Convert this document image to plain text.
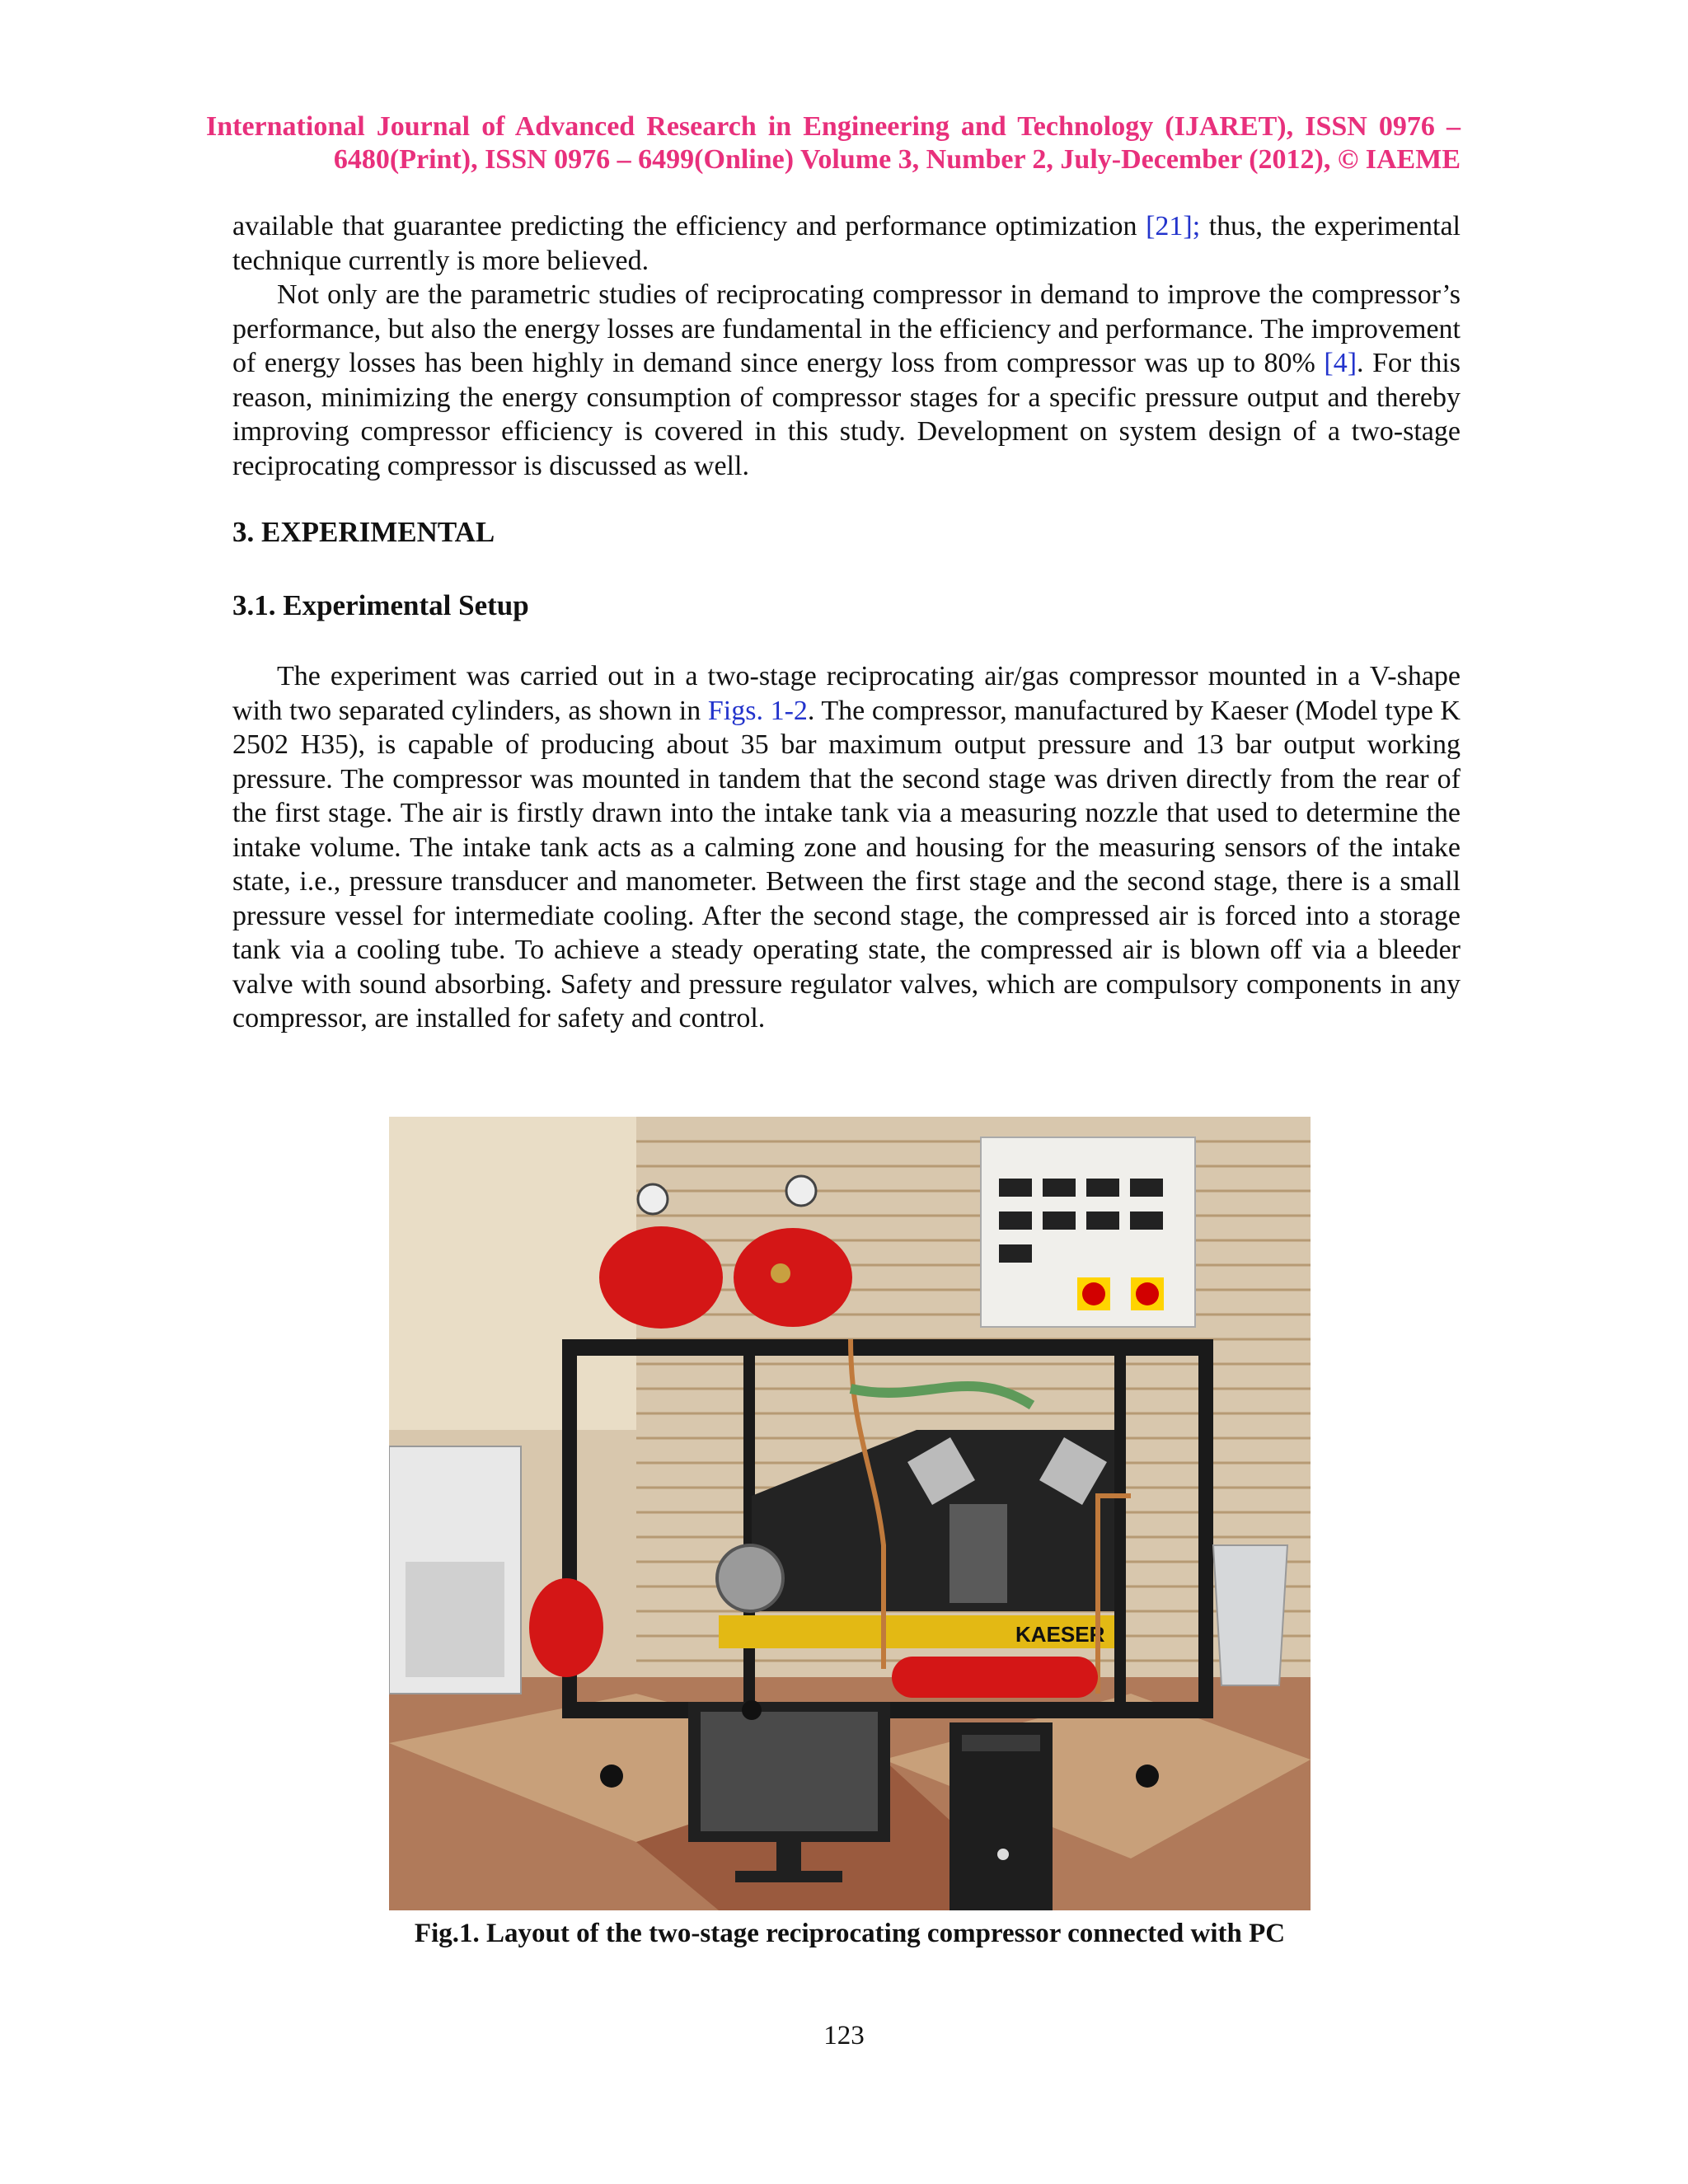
International Journal of Advanced Research in Engineering and Technology (IJARET), ISSN 0976 –
6480(Print), ISSN 0976 – 6499(Online) Volume 3, Number 2, July-December (2012), © IAEME

available that guarantee predicting the efficiency and performance optimization [21]; thus, the experimental technique currently is more believed.

Not only are the parametric studies of reciprocating compressor in demand to improve the compressor’s performance, but also the energy losses are fundamental in the efficiency and performance. The improvement of energy losses has been highly in demand since energy loss from compressor was up to 80% [4]. For this reason, minimizing the energy consumption of compressor stages for a specific pressure output and thereby improving compressor efficiency is covered in this study. Development on system design of a two-stage reciprocating compressor is discussed as well.

3. EXPERIMENTAL
3.1. Experimental Setup

The experiment was carried out in a two-stage reciprocating air/gas compressor mounted in a V-shape with two separated cylinders, as shown in Figs. 1-2. The compressor, manufactured by Kaeser (Model type K 2502 H35), is capable of producing about 35 bar maximum output pressure and 13 bar output working pressure. The compressor was mounted in tandem that the second stage was driven directly from the rear of the first stage. The air is firstly drawn into the intake tank via a measuring nozzle that used to determine the intake volume. The intake tank acts as a calming zone and housing for the measuring sensors of the intake state, i.e., pressure transducer and manometer. Between the first stage and the second stage, there is a small pressure vessel for intermediate cooling. After the second stage, the compressed air is forced into a storage tank via a cooling tube. To achieve a steady operating state, the compressed air is blown off via a bleeder valve with sound absorbing. Safety and pressure regulator valves, which are compulsory components in any compressor, are installed for safety and control.

KAESER
Fig.1. Layout of the two-stage reciprocating compressor connected with PC
123
